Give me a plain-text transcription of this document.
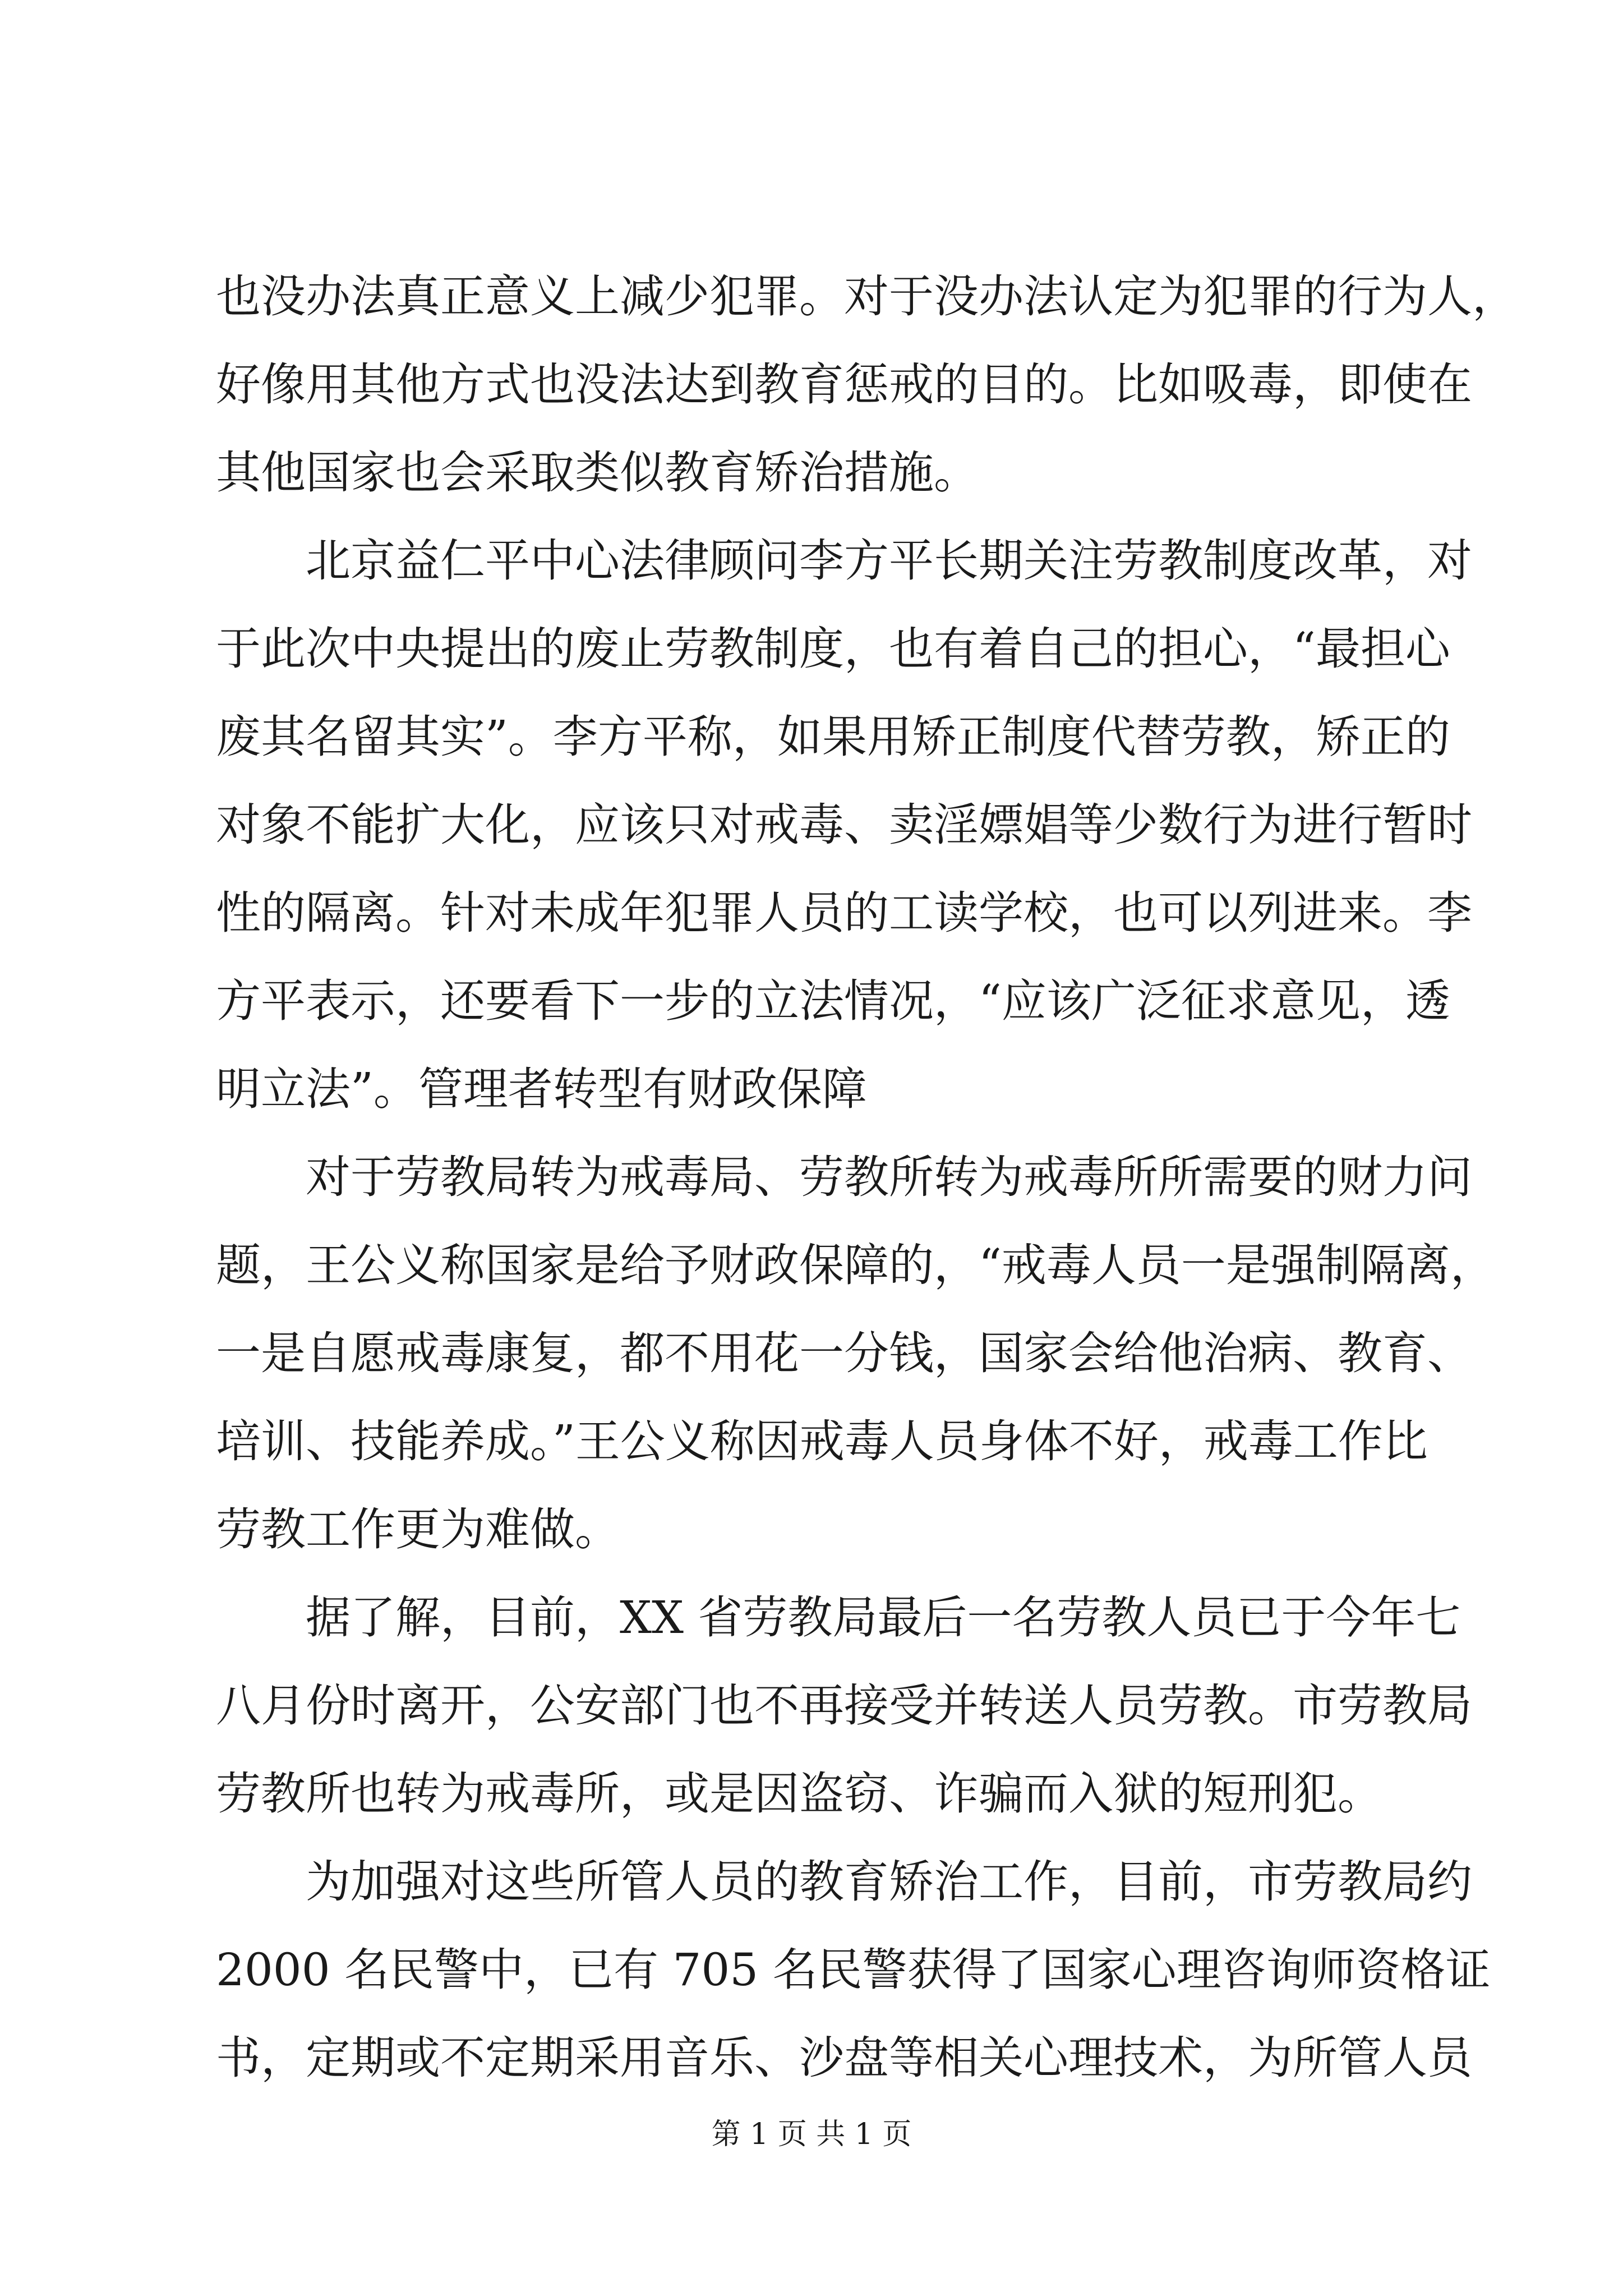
也没办法真正意义上减少犯罪。对于没办法认定为犯罪的行为人，
好像用其他方式也没法达到教育惩戒的目的。比如吸毒，即使在
其他国家也会采取类似教育矫治措施。
北京益仁平中心法律顾问李方平长期关注劳教制度改革，对
于此次中央提出的废止劳教制度，也有着自己的担心，“最担心
废其名留其实”。李方平称，如果用矫正制度代替劳教，矫正的
对象不能扩大化，应该只对戒毒、卖淫嫖娼等少数行为进行暂时
性的隔离。针对未成年犯罪人员的工读学校，也可以列进来。李
方平表示，还要看下一步的立法情况，“应该广泛征求意见，透
明立法”。管理者转型有财政保障
对于劳教局转为戒毒局、劳教所转为戒毒所所需要的财力问
题，王公义称国家是给予财政保障的，“戒毒人员一是强制隔离，
一是自愿戒毒康复，都不用花一分钱，国家会给他治病、教育、
培训、技能养成。”王公义称因戒毒人员身体不好，戒毒工作比
劳教工作更为难做。
据了解，目前，XX 省劳教局最后一名劳教人员已于今年七
八月份时离开，公安部门也不再接受并转送人员劳教。市劳教局
劳教所也转为戒毒所，或是因盗窃、诈骗而入狱的短刑犯。
为加强对这些所管人员的教育矫治工作，目前，市劳教局约
2000 名民警中，已有 705 名民警获得了国家心理咨询师资格证
书，定期或不定期采用音乐、沙盘等相关心理技术，为所管人员
第 1 页 共 1 页
